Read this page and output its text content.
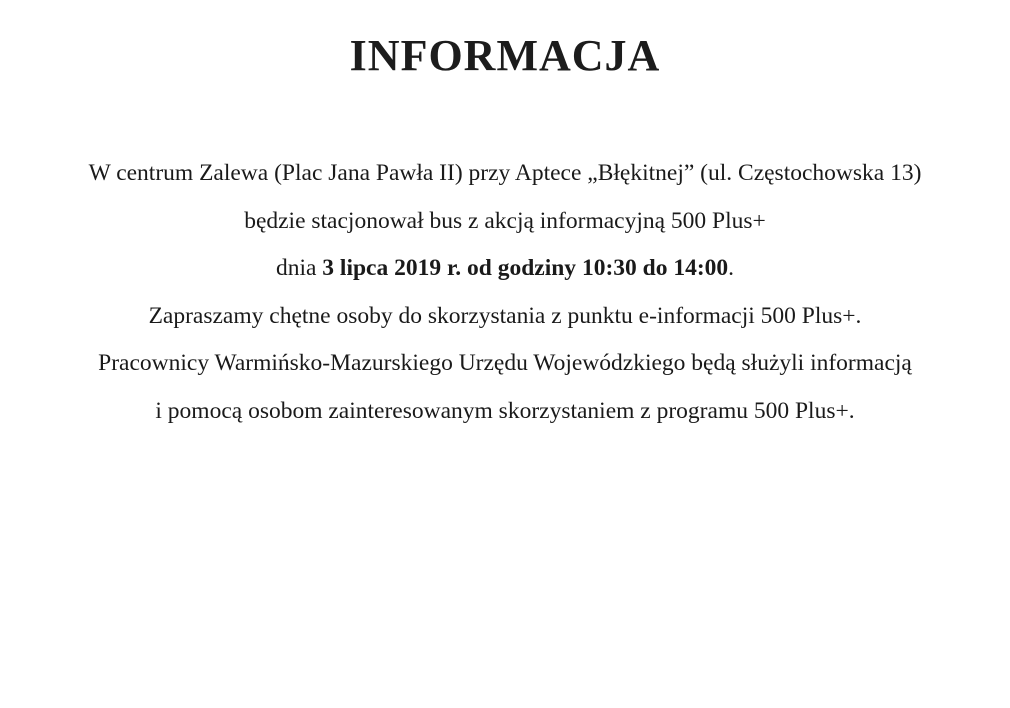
INFORMACJA
W centrum Zalewa (Plac Jana Pawła II) przy Aptece „Błękitnej” (ul. Częstochowska 13)
będzie stacjonował bus z akcją informacyjną 500 Plus+
dnia 3 lipca 2019 r. od godziny 10:30 do 14:00.
Zapraszamy chętne osoby do skorzystania z punktu e-informacji 500 Plus+.
Pracownicy Warmińsko-Mazurskiego Urzędu Wojewódzkiego będą służyli informacją
i pomocą osobom zainteresowanym skorzystaniem z programu 500 Plus+.
